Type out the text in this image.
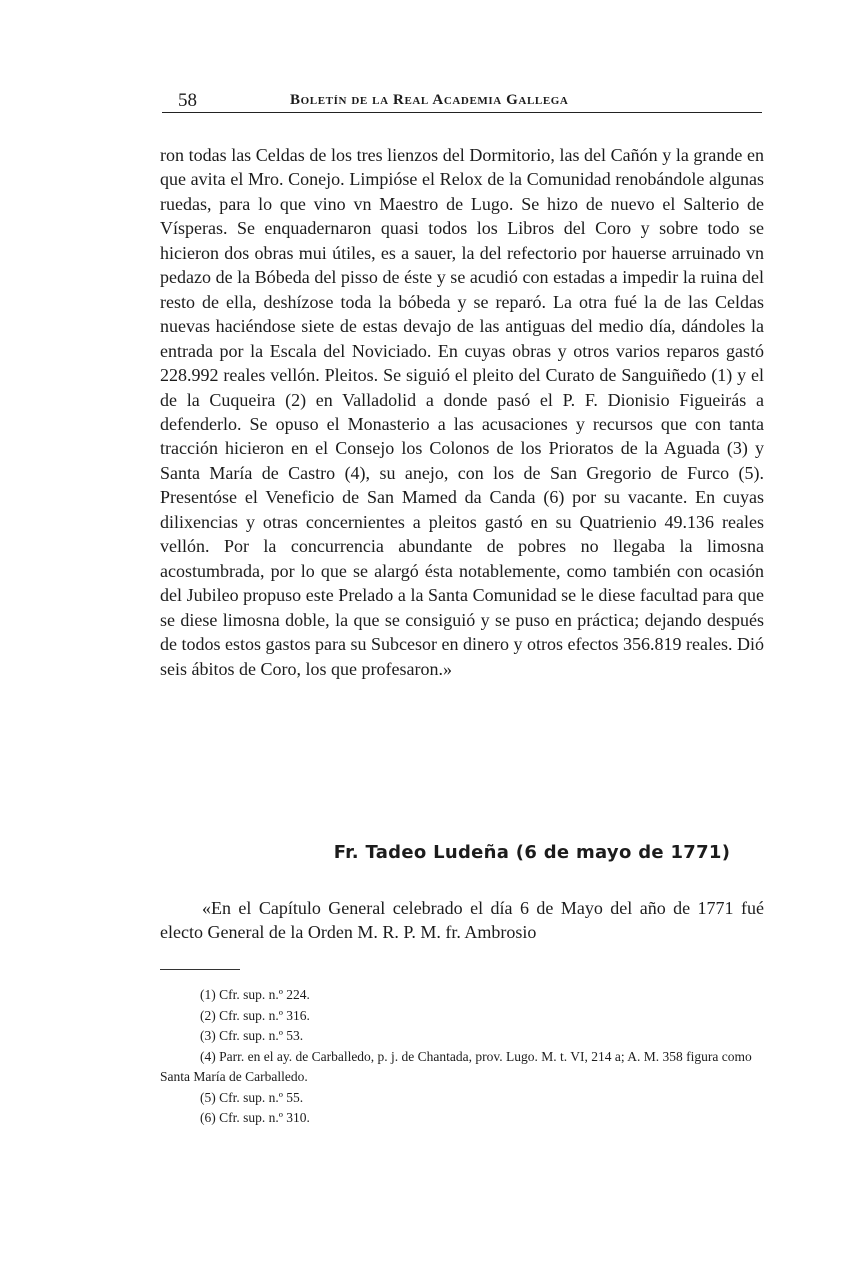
58	Boletín de la Real Academia Gallega

ron todas las Celdas de los tres lienzos del Dormitorio, las del Cañón y la grande en que avita el Mro. Conejo. Limpióse el Relox de la Comunidad renobándole algunas ruedas, para lo que vino vn Maestro de Lugo. Se hizo de nuevo el Salterio de Vísperas. Se enquadernaron quasi todos los Libros del Coro y sobre todo se hicieron dos obras mui útiles, es a sauer, la del refectorio por hauerse arruinado vn pedazo de la Bóbeda del pisso de éste y se acudió con estadas a impedir la ruina del resto de ella, deshízose toda la bóbeda y se reparó. La otra fué la de las Celdas nuevas haciéndose siete de estas devajo de las antiguas del medio día, dándoles la entrada por la Escala del Noviciado. En cuyas obras y otros varios reparos gastó 228.992 reales vellón. Pleitos. Se siguió el pleito del Curato de Sanguiñedo (1) y el de la Cuqueira (2) en Valladolid a donde pasó el P. F. Dionisio Figueirás a defenderlo. Se opuso el Monasterio a las acusaciones y recursos que con tanta tracción hicieron en el Consejo los Colonos de los Prioratos de la Aguada (3) y Santa María de Castro (4), su anejo, con los de San Gregorio de Furco (5). Presentóse el Veneficio de San Mamed da Canda (6) por su vacante. En cuyas dilixencias y otras concernientes a pleitos gastó en su Quatrienio 49.136 reales vellón. Por la concurrencia abundante de pobres no llegaba la limosna acostumbrada, por lo que se alargó ésta notablemente, como también con ocasión del Jubileo propuso este Prelado a la Santa Comunidad se le diese facultad para que se diese limosna doble, la que se consiguió y se puso en práctica; dejando después de todos estos gastos para su Subcesor en dinero y otros efectos 356.819 reales. Dió seis ábitos de Coro, los que profesaron.»

Fr. Tadeo Ludeña (6 de mayo de 1771)

«En el Capítulo General celebrado el día 6 de Mayo del año de 1771 fué electo General de la Orden M. R. P. M. fr. Ambrosio

(1) Cfr. sup. n.º 224.

(2) Cfr. sup. n.º 316.

(3) Cfr. sup. n.º 53.

(4) Parr. en el ay. de Carballedo, p. j. de Chantada, prov. Lugo. M. t. VI, 214 a; A. M. 358 figura como Santa María de Carballedo.

(5) Cfr. sup. n.º 55.

(6) Cfr. sup. n.º 310.
